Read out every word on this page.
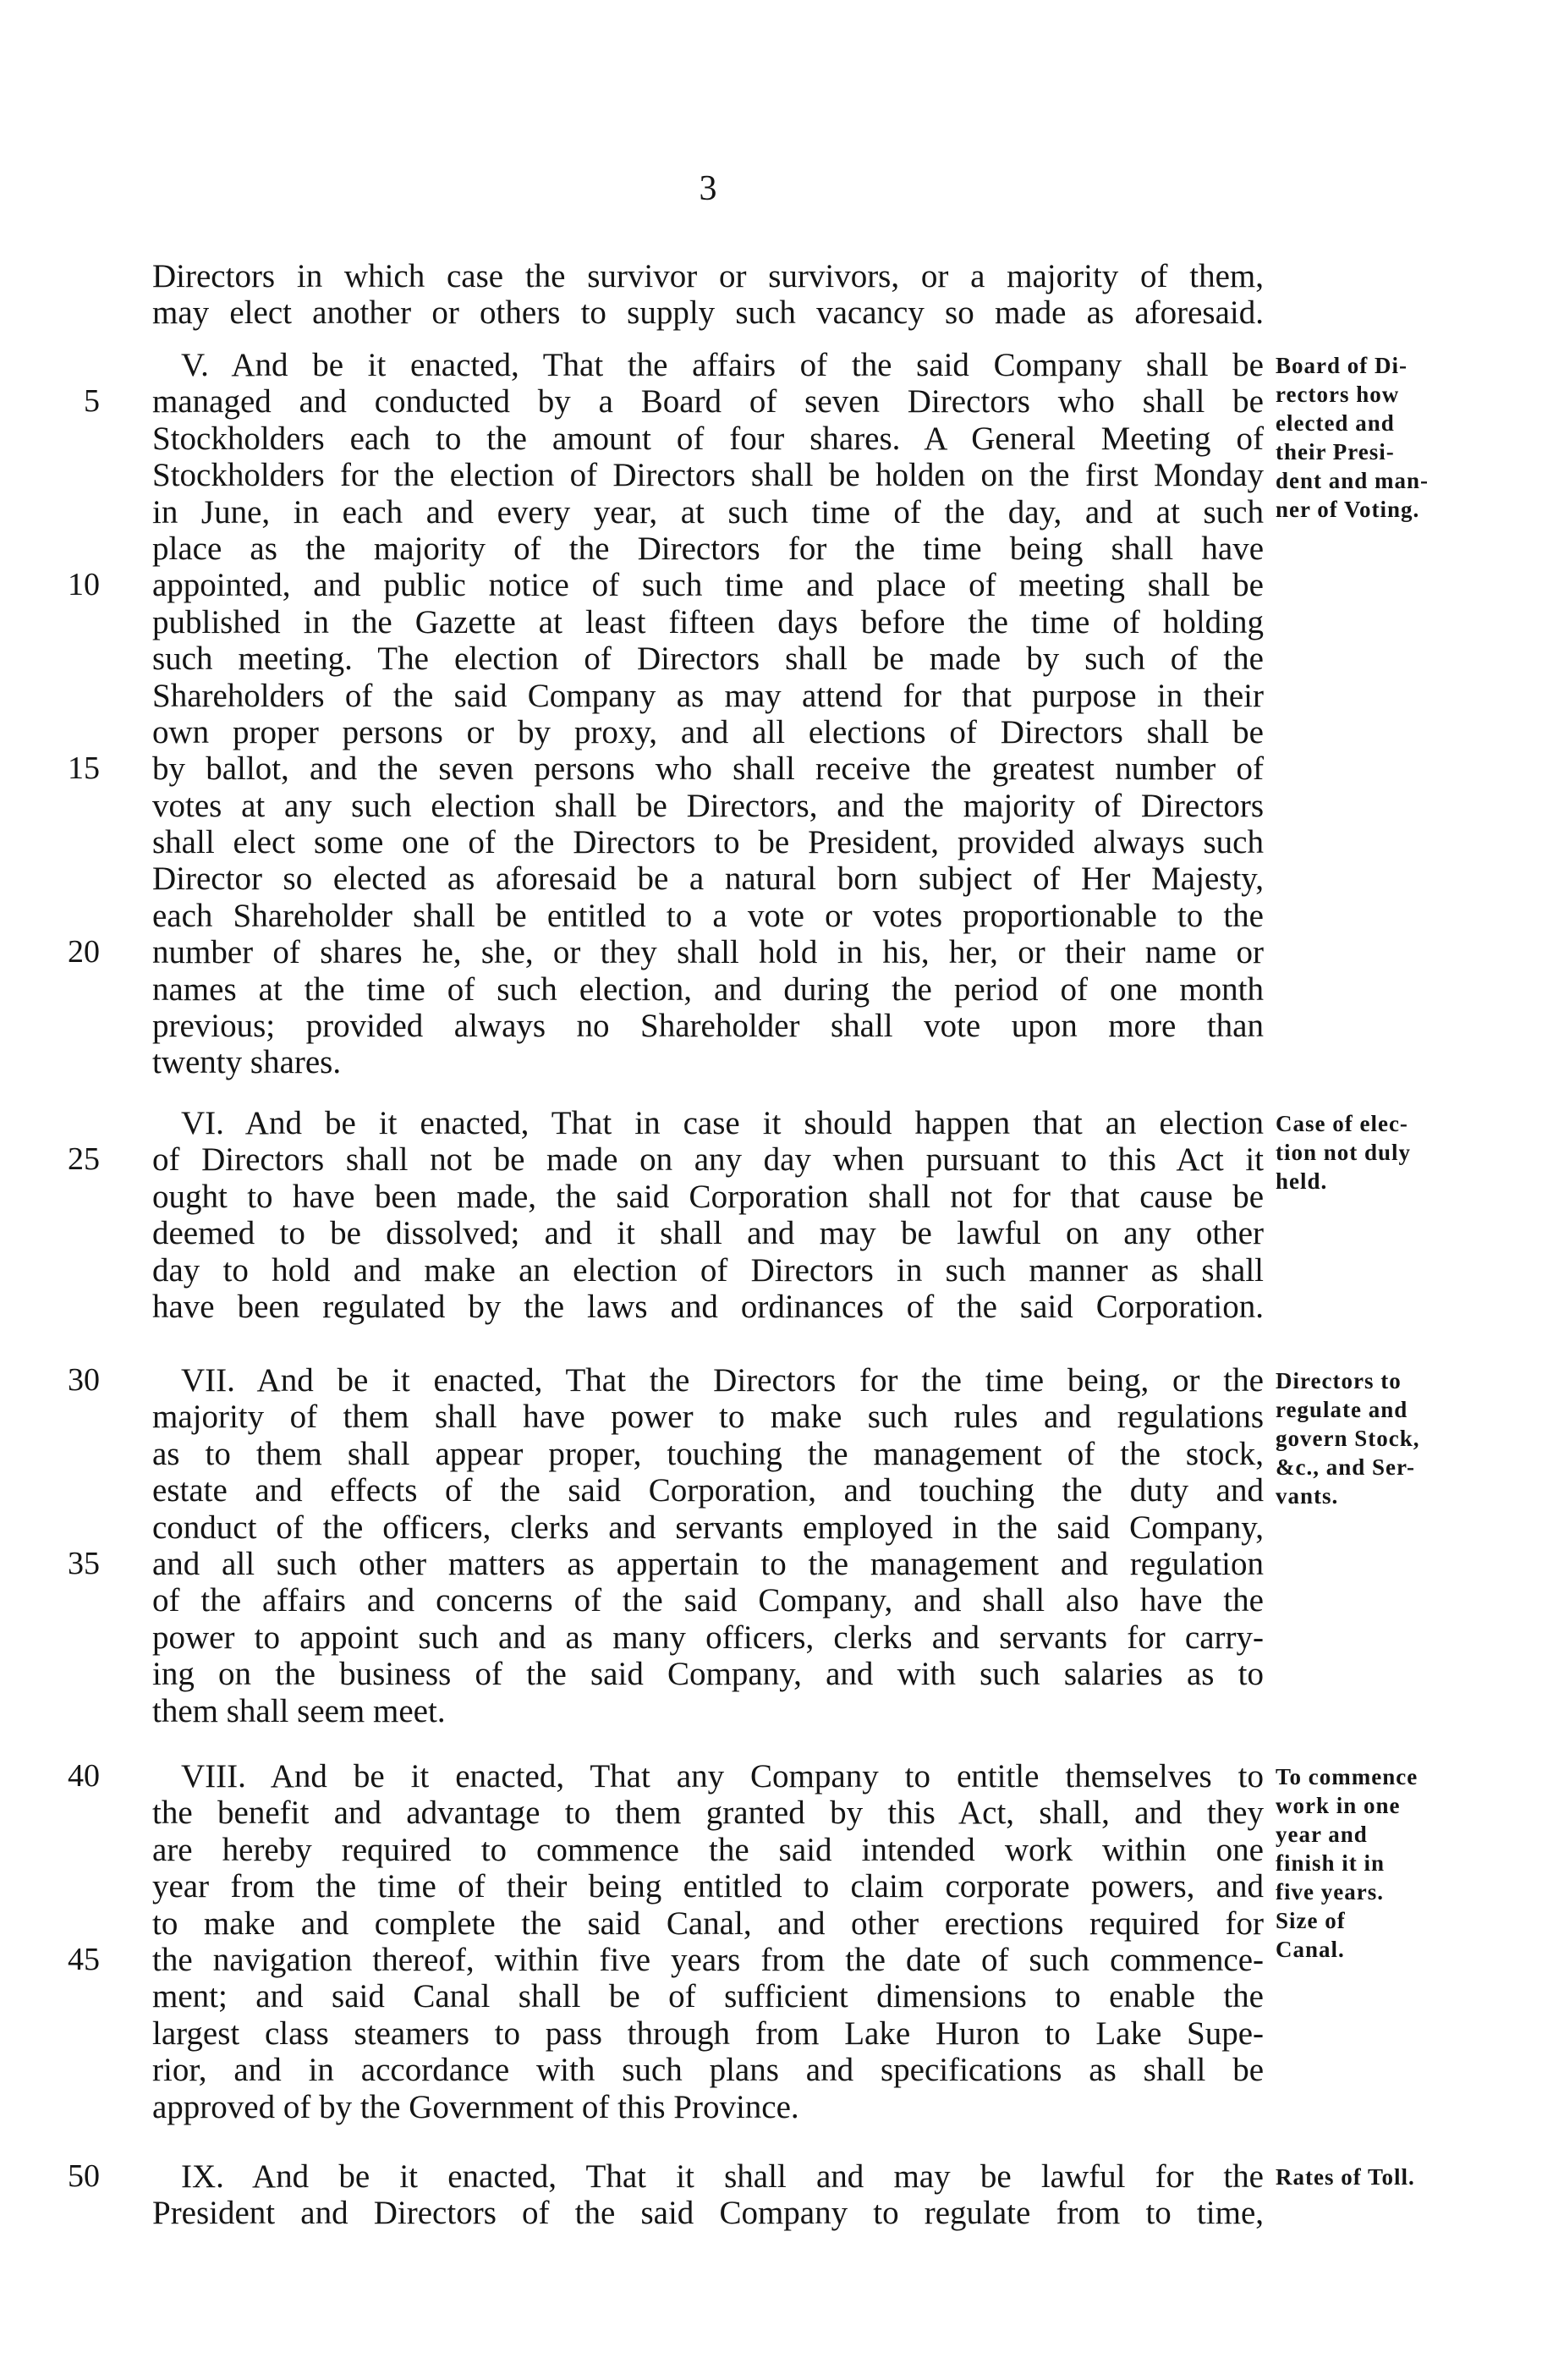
3
Directors in which case the survivor or survivors, or a majority of them,
may elect another or others to supply such vacancy so made as aforesaid.
V. And be it enacted, That the affairs of the said Company shall be
5 managed and conducted by a Board of seven Directors who shall be
Stockholders each to the amount of four shares. A General Meeting of
Stockholders for the election of Directors shall be holden on the first Monday
in June, in each and every year, at such time of the day, and at such
place as the majority of the Directors for the time being shall have
10 appointed, and public notice of such time and place of meeting shall be
published in the Gazette at least fifteen days before the time of holding
such meeting. The election of Directors shall be made by such of the
Shareholders of the said Company as may attend for that purpose in their
own proper persons or by proxy, and all elections of Directors shall be
15 by ballot, and the seven persons who shall receive the greatest number of
votes at any such election shall be Directors, and the majority of Directors
shall elect some one of the Directors to be President, provided always such
Director so elected as aforesaid be a natural born subject of Her Majesty,
each Shareholder shall be entitled to a vote or votes proportionable to the
20 number of shares he, she, or they shall hold in his, her, or their name or
names at the time of such election, and during the period of one month
previous; provided always no Shareholder shall vote upon more than
twenty shares.
Board of Di-
rectors how
elected and
their Presi-
dent and man-
ner of Voting.
VI. And be it enacted, That in case it should happen that an election
25 of Directors shall not be made on any day when pursuant to this Act it
ought to have been made, the said Corporation shall not for that cause be
deemed to be dissolved; and it shall and may be lawful on any other
day to hold and make an election of Directors in such manner as shall
have been regulated by the laws and ordinances of the said Corporation.
Case of elec-
tion not duly
held.
30	VII. And be it enacted, That the Directors for the time being, or the
majority of them shall have power to make such rules and regulations
as to them shall appear proper, touching the management of the stock,
estate and effects of the said Corporation, and touching the duty and
conduct of the officers, clerks and servants employed in the said Company,
35 and all such other matters as appertain to the management and regulation
of the affairs and concerns of the said Company, and shall also have the
power to appoint such and as many officers, clerks and servants for carry-
ing on the business of the said Company, and with such salaries as to
them shall seem meet.
Directors to
regulate and
govern Stock,
&c., and Ser-
vants.
40	VIII. And be it enacted, That any Company to entitle themselves to
the benefit and advantage to them granted by this Act, shall, and they
are hereby required to commence the said intended work within one
year from the time of their being entitled to claim corporate powers, and
to make and complete the said Canal, and other erections required for
45 the navigation thereof, within five years from the date of such commence-
ment; and said Canal shall be of sufficient dimensions to enable the
largest class steamers to pass through from Lake Huron to Lake Supe-
rior, and in accordance with such plans and specifications as shall be
approved of by the Government of this Province.
To commence
work in one
year and
finish it in
five years.
Size of
Canal.
50	IX. And be it enacted, That it shall and may be lawful for the
President and Directors of the said Company to regulate from to time,
Rates of Toll.
